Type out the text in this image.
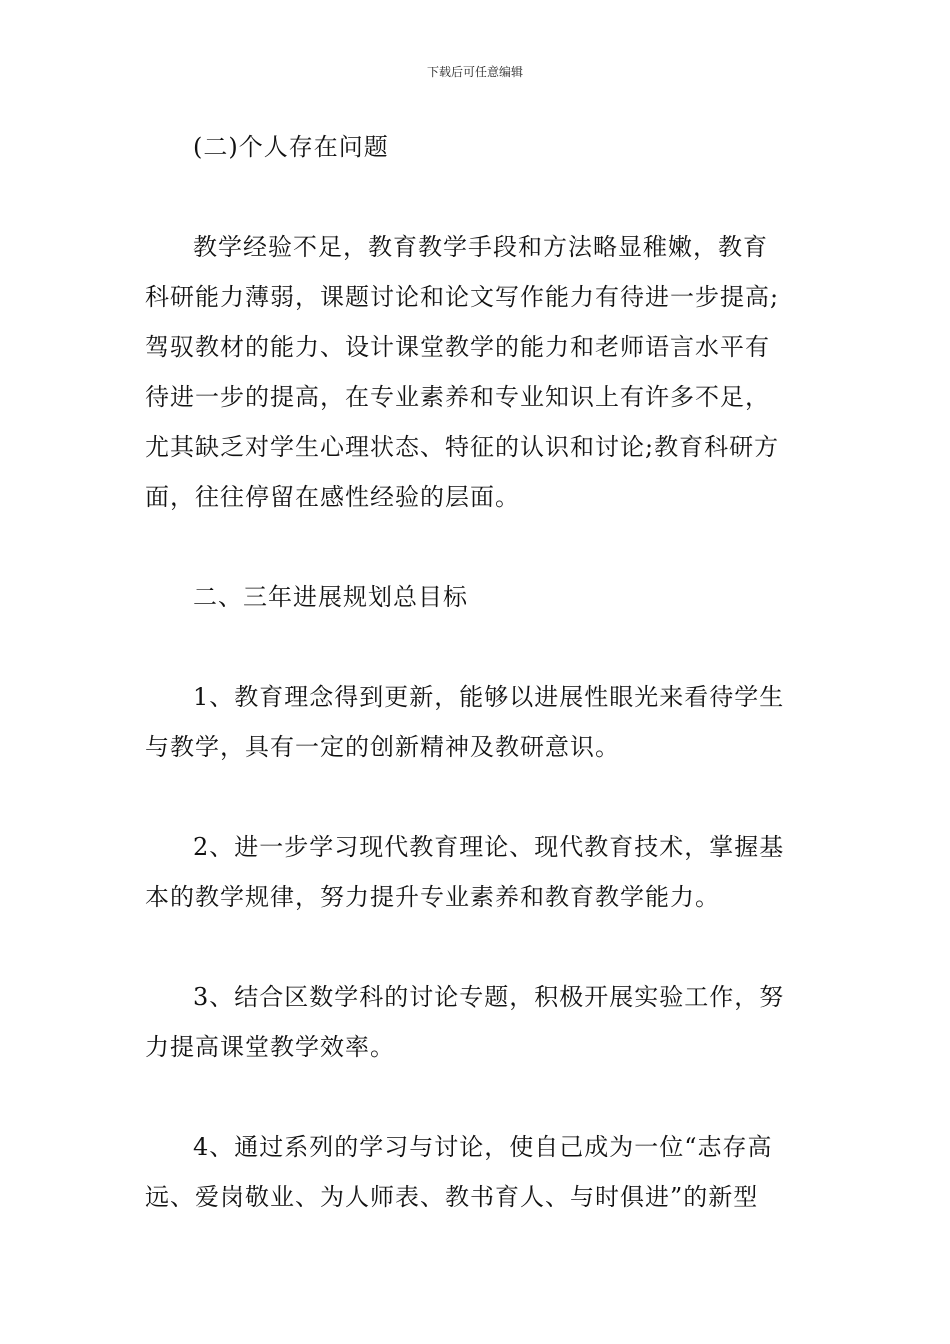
下载后可任意编辑

(二)个人存在问题

教学经验不足，教育教学手段和方法略显稚嫩，教育
科研能力薄弱，课题讨论和论文写作能力有待进一步提高;
驾驭教材的能力、设计课堂教学的能力和老师语言水平有
待进一步的提高，在专业素养和专业知识上有许多不足，
尤其缺乏对学生心理状态、特征的认识和讨论;教育科研方
面，往往停留在感性经验的层面。

二、三年进展规划总目标

1、教育理念得到更新，能够以进展性眼光来看待学生
与教学，具有一定的创新精神及教研意识。

2、进一步学习现代教育理论、现代教育技术，掌握基
本的教学规律，努力提升专业素养和教育教学能力。

3、结合区数学科的讨论专题，积极开展实验工作，努
力提高课堂教学效率。

4、通过系列的学习与讨论，使自己成为一位“志存高
远、爱岗敬业、为人师表、教书育人、与时俱进”的新型
